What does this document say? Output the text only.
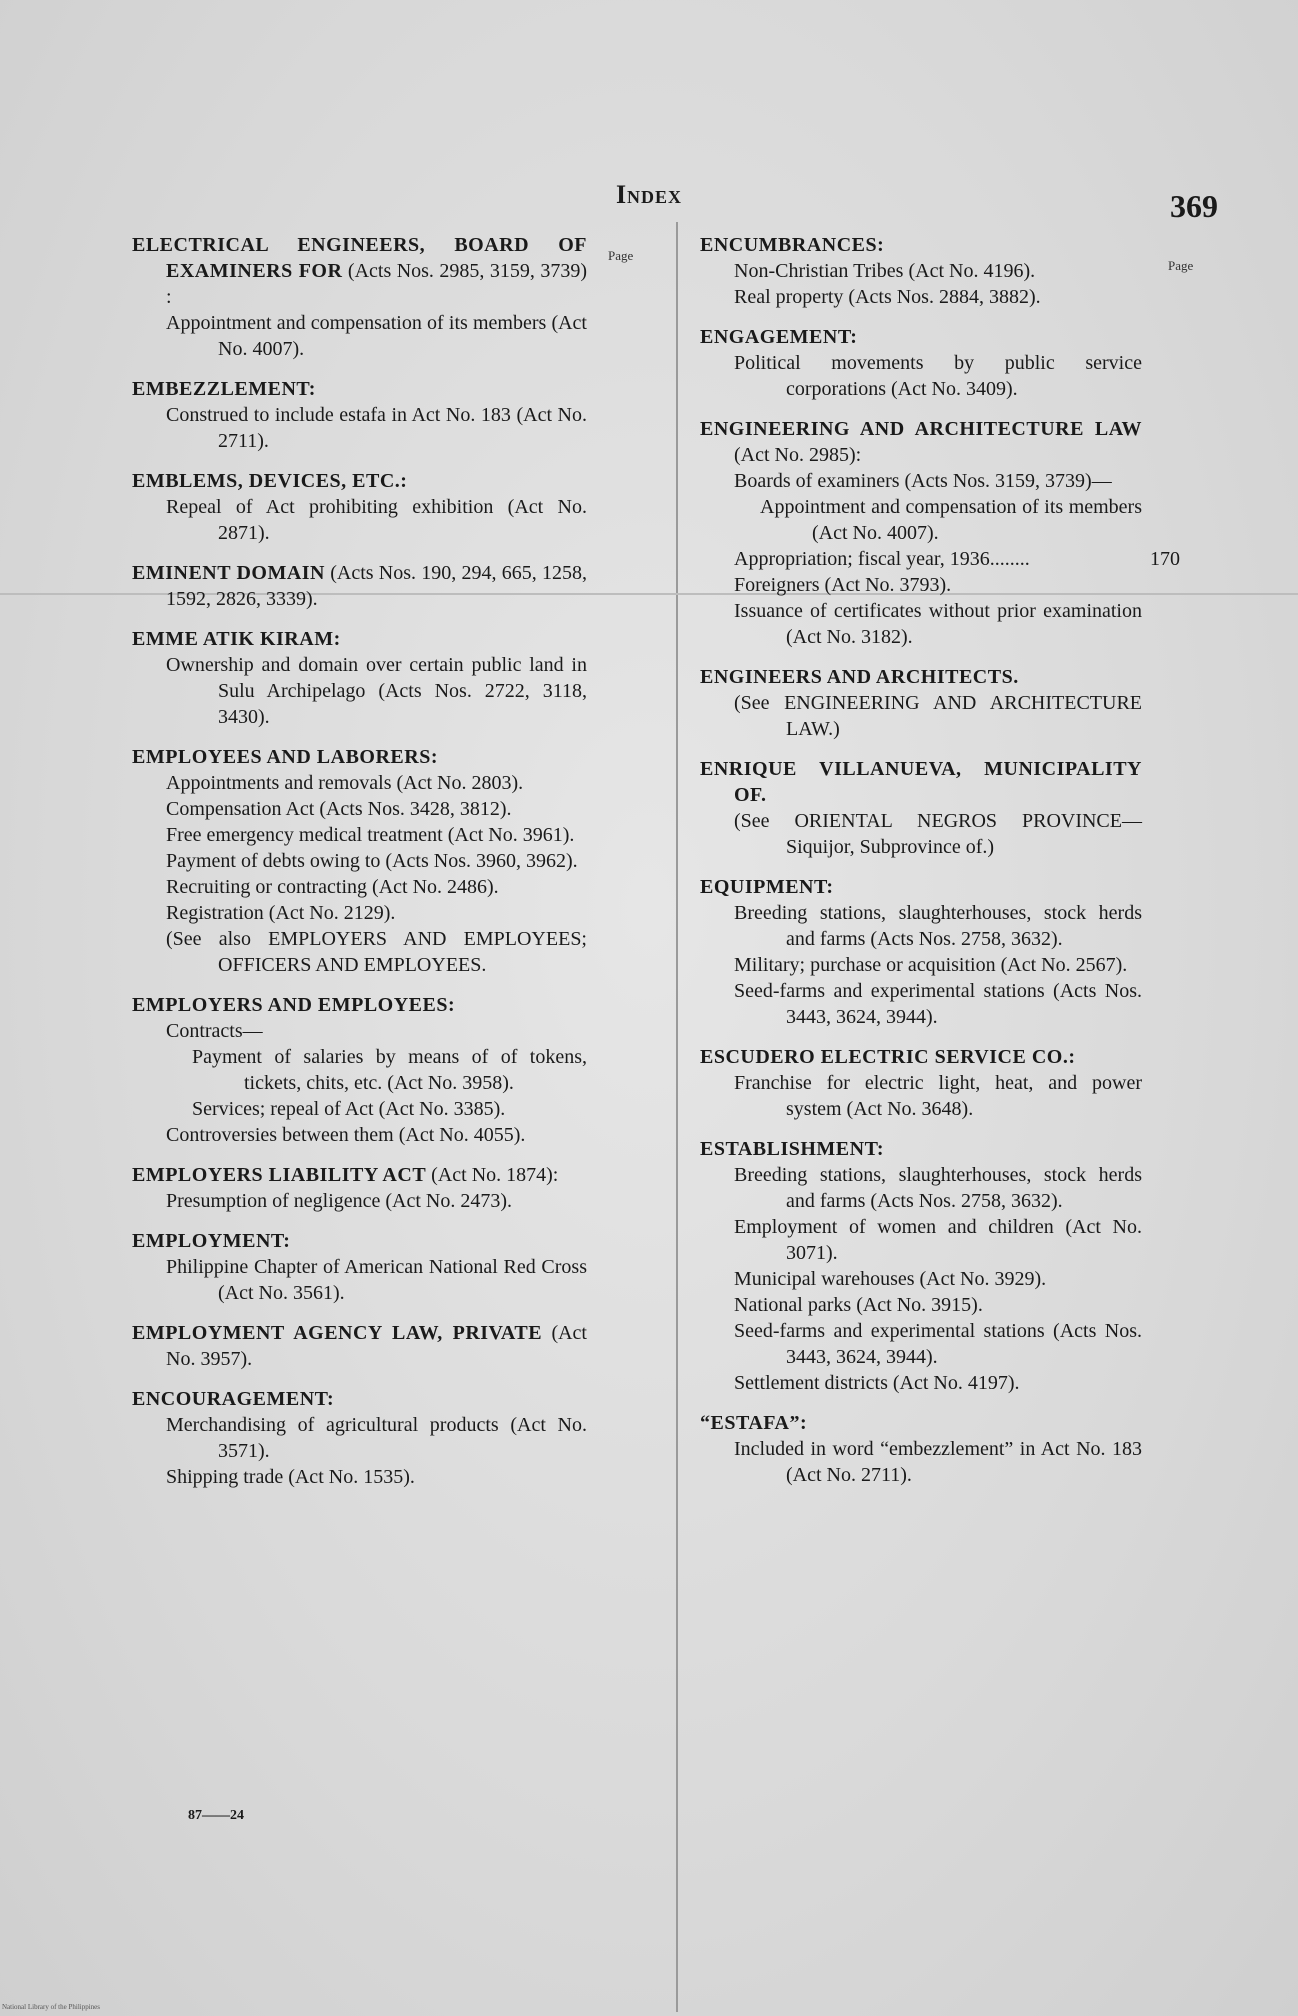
Index	369
Page
Page
ELECTRICAL ENGINEERS, BOARD OF EXAMINERS FOR (Acts Nos. 2985, 3159, 3739) :
Appointment and compensation of its members (Act No. 4007).
EMBEZZLEMENT:
Construed to include estafa in Act No. 183 (Act No. 2711).
EMBLEMS, DEVICES, ETC.:
Repeal of Act prohibiting exhibition (Act No. 2871).
EMINENT DOMAIN (Acts Nos. 190, 294, 665, 1258, 1592, 2826, 3339).
EMME ATIK KIRAM:
Ownership and domain over certain public land in Sulu Archipelago (Acts Nos. 2722, 3118, 3430).
EMPLOYEES AND LABORERS:
Appointments and removals (Act No. 2803).
Compensation Act (Acts Nos. 3428, 3812).
Free emergency medical treatment (Act No. 3961).
Payment of debts owing to (Acts Nos. 3960, 3962).
Recruiting or contracting (Act No. 2486).
Registration (Act No. 2129).
(See also EMPLOYERS AND EMPLOYEES; OFFICERS AND EMPLOYEES.
EMPLOYERS AND EMPLOYEES:
Contracts—
Payment of salaries by means of of tokens, tickets, chits, etc. (Act No. 3958).
Services; repeal of Act (Act No. 3385).
Controversies between them (Act No. 4055).
EMPLOYERS LIABILITY ACT (Act No. 1874):
Presumption of negligence (Act No. 2473).
EMPLOYMENT:
Philippine Chapter of American National Red Cross (Act No. 3561).
EMPLOYMENT AGENCY LAW, PRIVATE (Act No. 3957).
ENCOURAGEMENT:
Merchandising of agricultural products (Act No. 3571).
Shipping trade (Act No. 1535).
ENCUMBRANCES:
Non-Christian Tribes (Act No. 4196).
Real property (Acts Nos. 2884, 3882).
ENGAGEMENT:
Political movements by public service corporations (Act No. 3409).
ENGINEERING AND ARCHITECTURE LAW (Act No. 2985):
Boards of examiners (Acts Nos. 3159, 3739)—
Appointment and compensation of its members (Act No. 4007).
Appropriation; fiscal year, 1936........	170
Foreigners (Act No. 3793).
Issuance of certificates without prior examination (Act No. 3182).
ENGINEERS AND ARCHITECTS.
(See ENGINEERING AND ARCHITECTURE LAW.)
ENRIQUE VILLANUEVA, MUNICIPALITY OF.
(See ORIENTAL NEGROS PROVINCE—Siquijor, Subprovince of.)
EQUIPMENT:
Breeding stations, slaughterhouses, stock herds and farms (Acts Nos. 2758, 3632).
Military; purchase or acquisition (Act No. 2567).
Seed-farms and experimental stations (Acts Nos. 3443, 3624, 3944).
ESCUDERO ELECTRIC SERVICE CO.:
Franchise for electric light, heat, and power system (Act No. 3648).
ESTABLISHMENT:
Breeding stations, slaughterhouses, stock herds and farms (Acts Nos. 2758, 3632).
Employment of women and children (Act No. 3071).
Municipal warehouses (Act No. 3929).
National parks (Act No. 3915).
Seed-farms and experimental stations (Acts Nos. 3443, 3624, 3944).
Settlement districts (Act No. 4197).
“ESTAFA”:
Included in word “embezzlement” in Act No. 183 (Act No. 2711).
87——24
National Library of the Philippines
